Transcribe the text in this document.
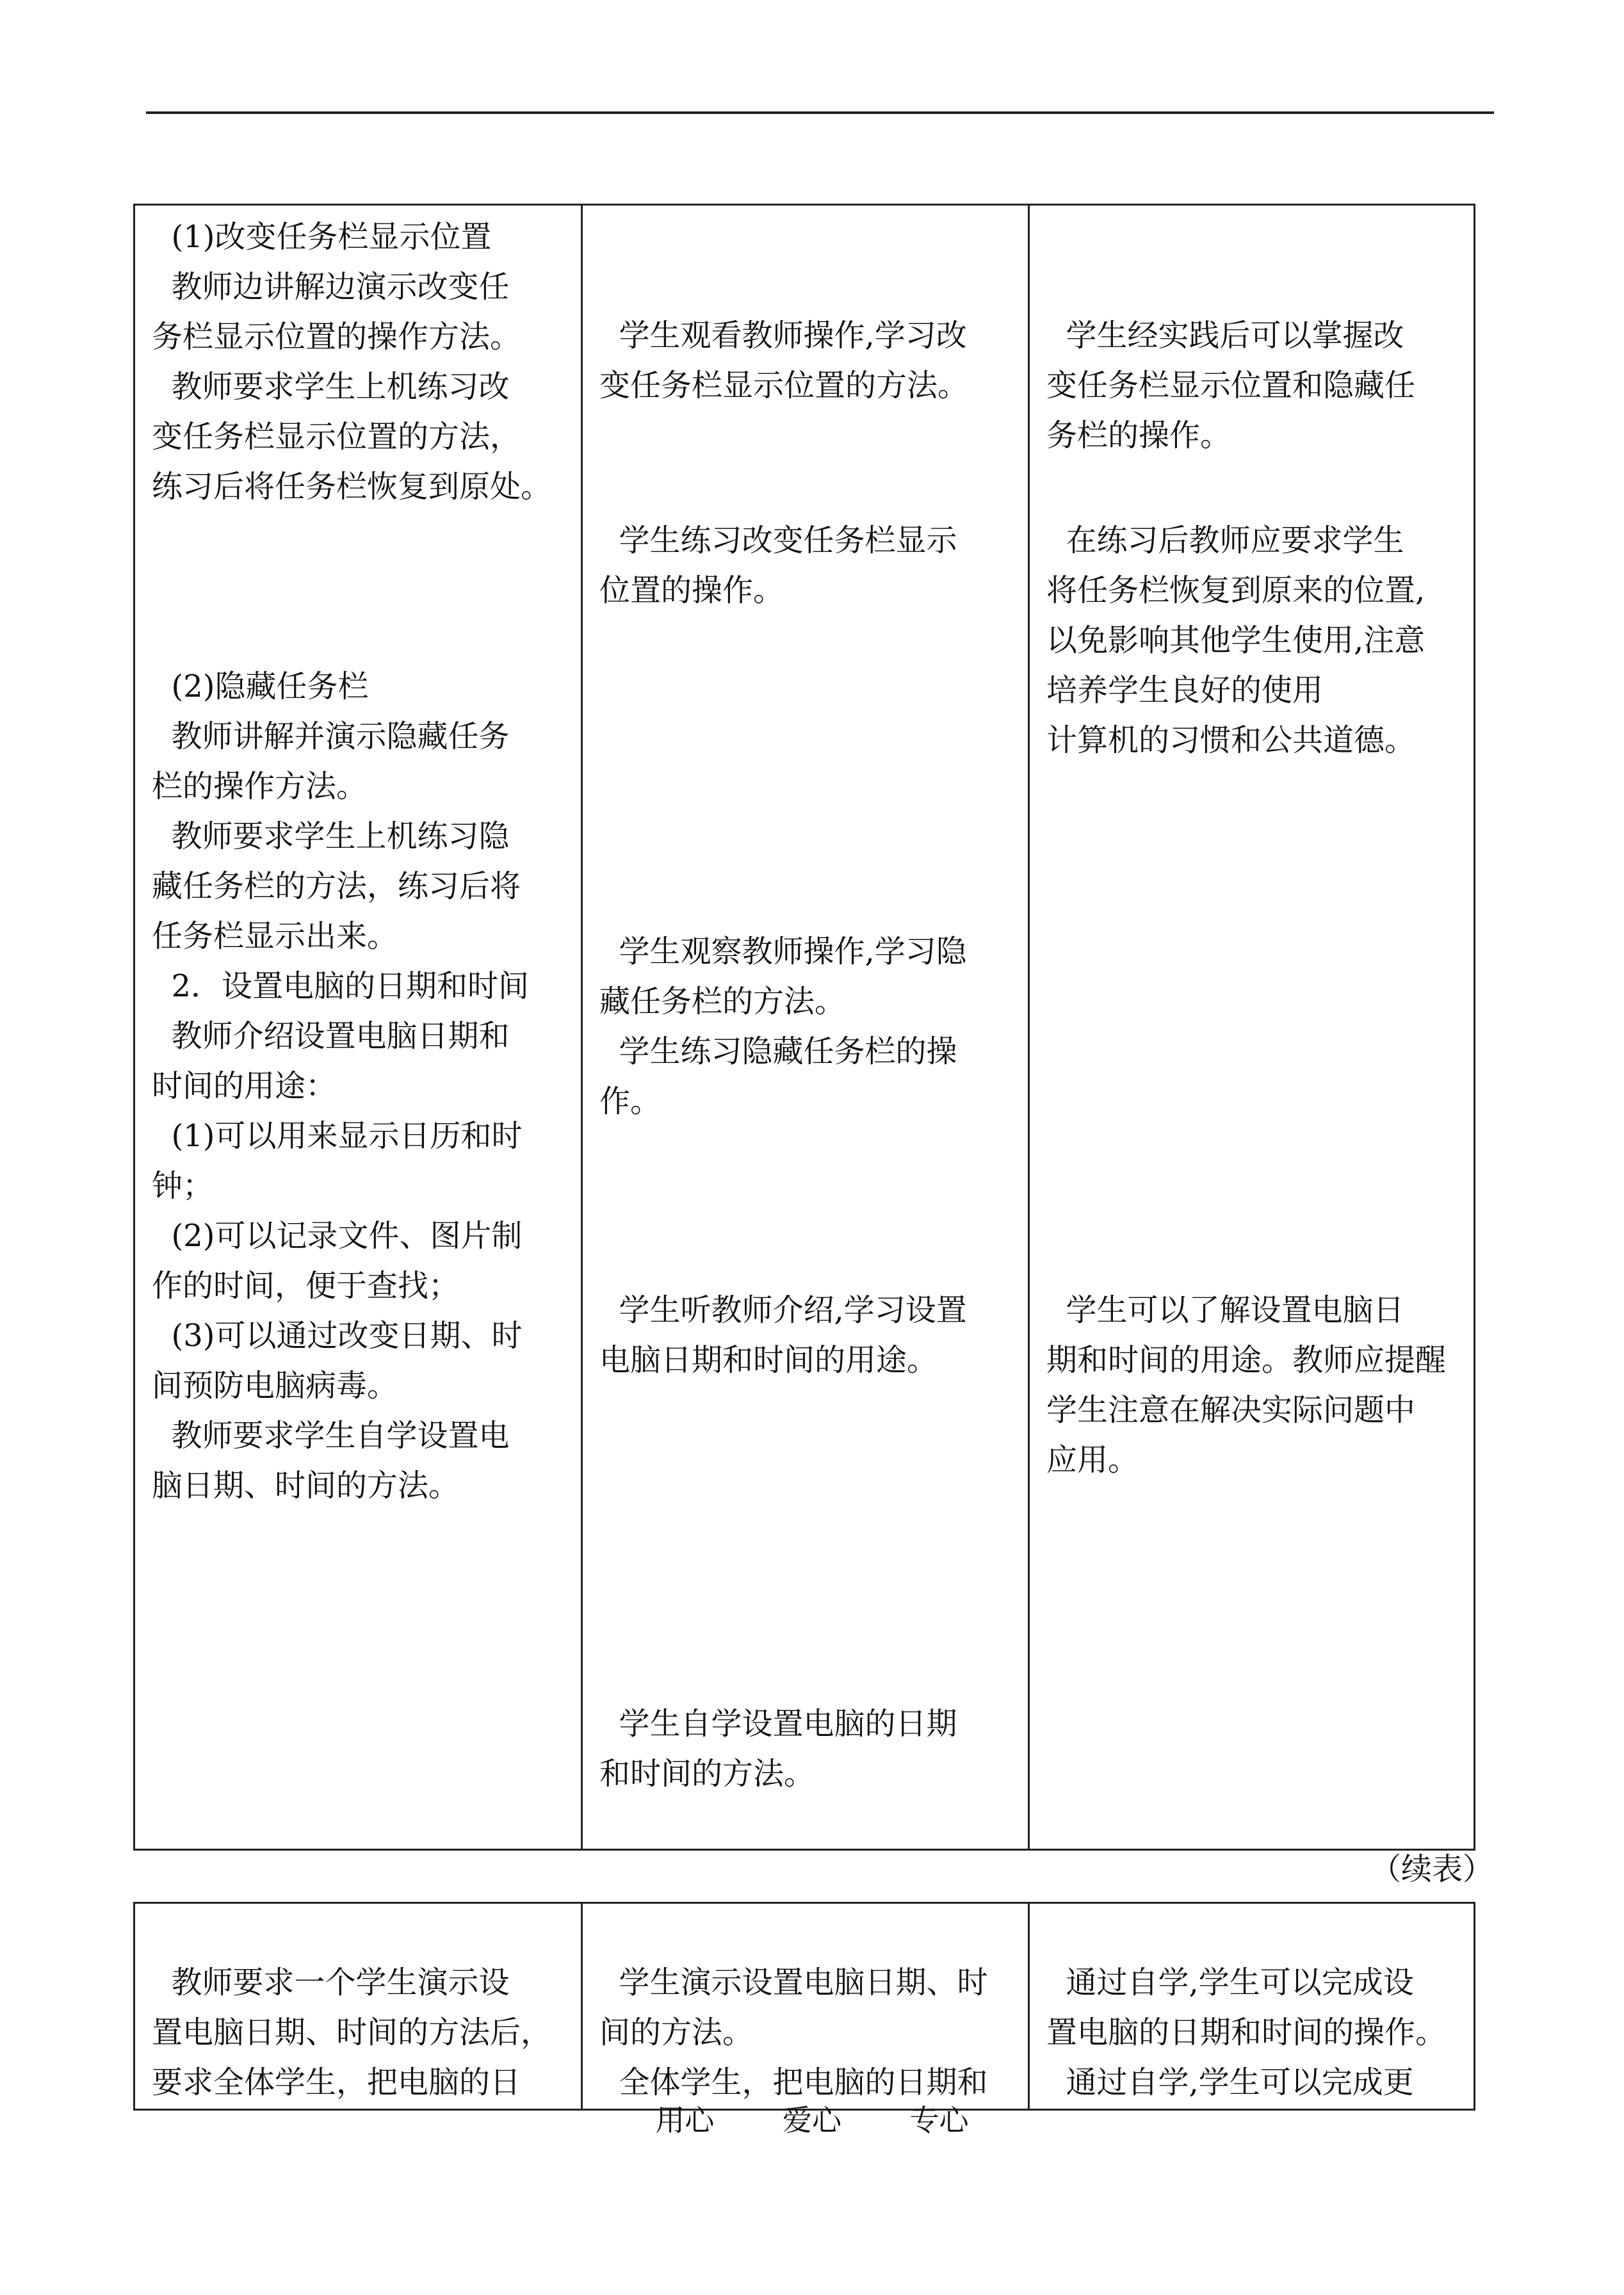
(1)改变任务栏显示位置
教师边讲解边演示改变任
务栏显示位置的操作方法。
教师要求学生上机练习改
变任务栏显示位置的方法，
练习后将任务栏恢复到原处。

(2)隐藏任务栏
教师讲解并演示隐藏任务
栏的操作方法。
教师要求学生上机练习隐
藏任务栏的方法，练习后将
任务栏显示出来。
2．设置电脑的日期和时间
教师介绍设置电脑日期和
时间的用途：
(1)可以用来显示日历和时
钟；
(2)可以记录文件、图片制
作的时间，便于查找；
(3)可以通过改变日期、时
间预防电脑病毒。
教师要求学生自学设置电
脑日期、时间的方法。
学生观看教师操作,学习改
变任务栏显示位置的方法。
学生练习改变任务栏显示
位置的操作。
学生观察教师操作,学习隐
藏任务栏的方法。
学生练习隐藏任务栏的操
作。
学生听教师介绍,学习设置
电脑日期和时间的用途。
学生自学设置电脑的日期
和时间的方法。
学生经实践后可以掌握改
变任务栏显示位置和隐藏任
务栏的操作。
在练习后教师应要求学生
将任务栏恢复到原来的位置,
以免影响其他学生使用,注意
培养学生良好的使用
计算机的习惯和公共道德。
学生可以了解设置电脑日
期和时间的用途。教师应提醒
学生注意在解决实际问题中
应用。
（续表）
教师要求一个学生演示设
置电脑日期、时间的方法后，
要求全体学生，把电脑的日
学生演示设置电脑日期、时
间的方法。
全体学生，把电脑的日期和
通过自学,学生可以完成设
置电脑的日期和时间的操作。
通过自学,学生可以完成更
用心 爱心 专心
